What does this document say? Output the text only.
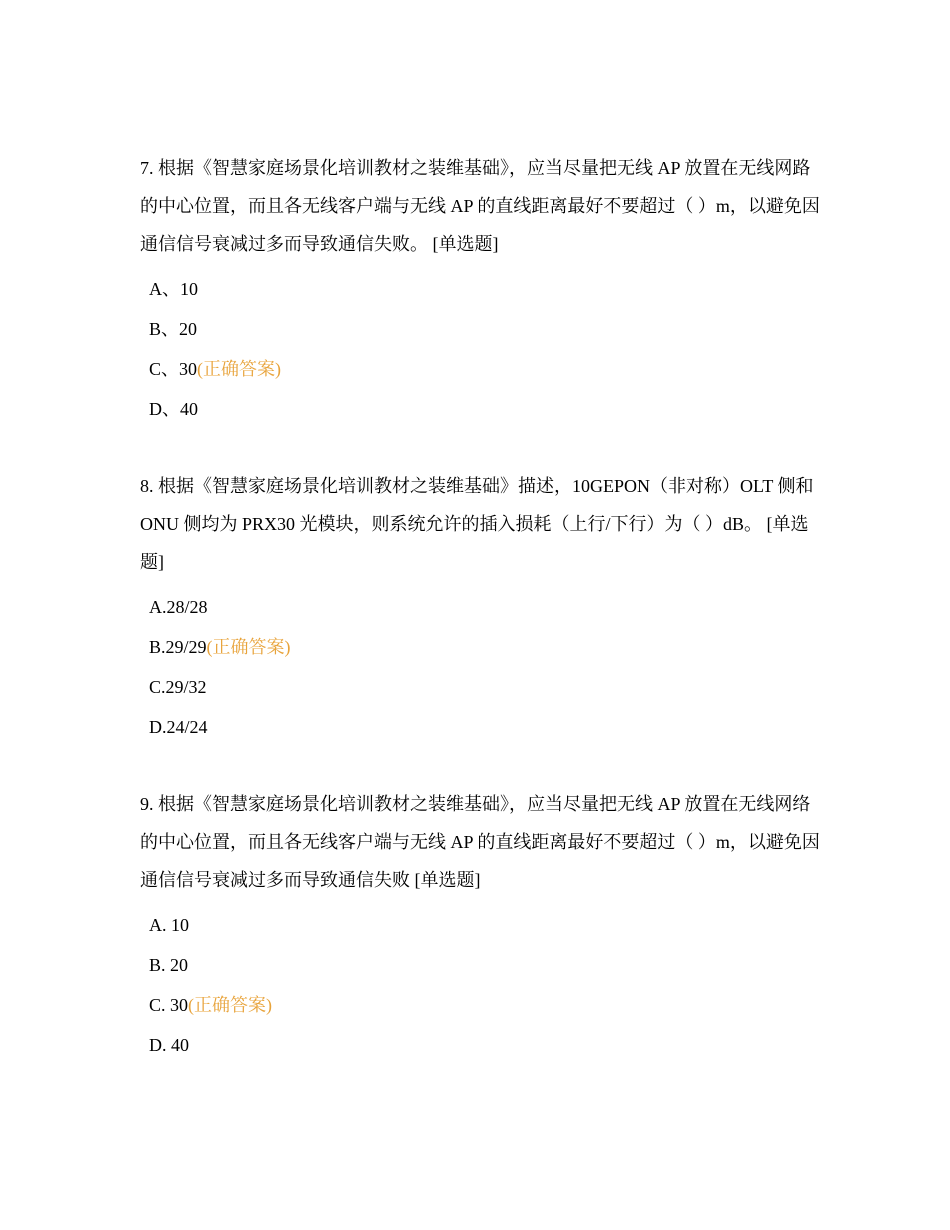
7. 根据《智慧家庭场景化培训教材之装维基础》，应当尽量把无线 AP 放置在无线网路的中心位置，而且各无线客户端与无线 AP 的直线距离最好不要超过（ ）m，以避免因通信信号衰减过多而导致通信失败。 [单选题]

A、10
B、20
C、30(正确答案)
D、40

8. 根据《智慧家庭场景化培训教材之装维基础》描述，10GEPON（非对称）OLT 侧和 ONU 侧均为 PRX30 光模块，则系统允许的插入损耗（上行/下行）为（ ）dB。 [单选题]

A.28/28
B.29/29(正确答案)
C.29/32
D.24/24

9. 根据《智慧家庭场景化培训教材之装维基础》，应当尽量把无线 AP 放置在无线网络的中心位置，而且各无线客户端与无线 AP 的直线距离最好不要超过（ ）m，以避免因通信信号衰减过多而导致通信失败 [单选题]

A. 10
B. 20
C. 30(正确答案)
D. 40
